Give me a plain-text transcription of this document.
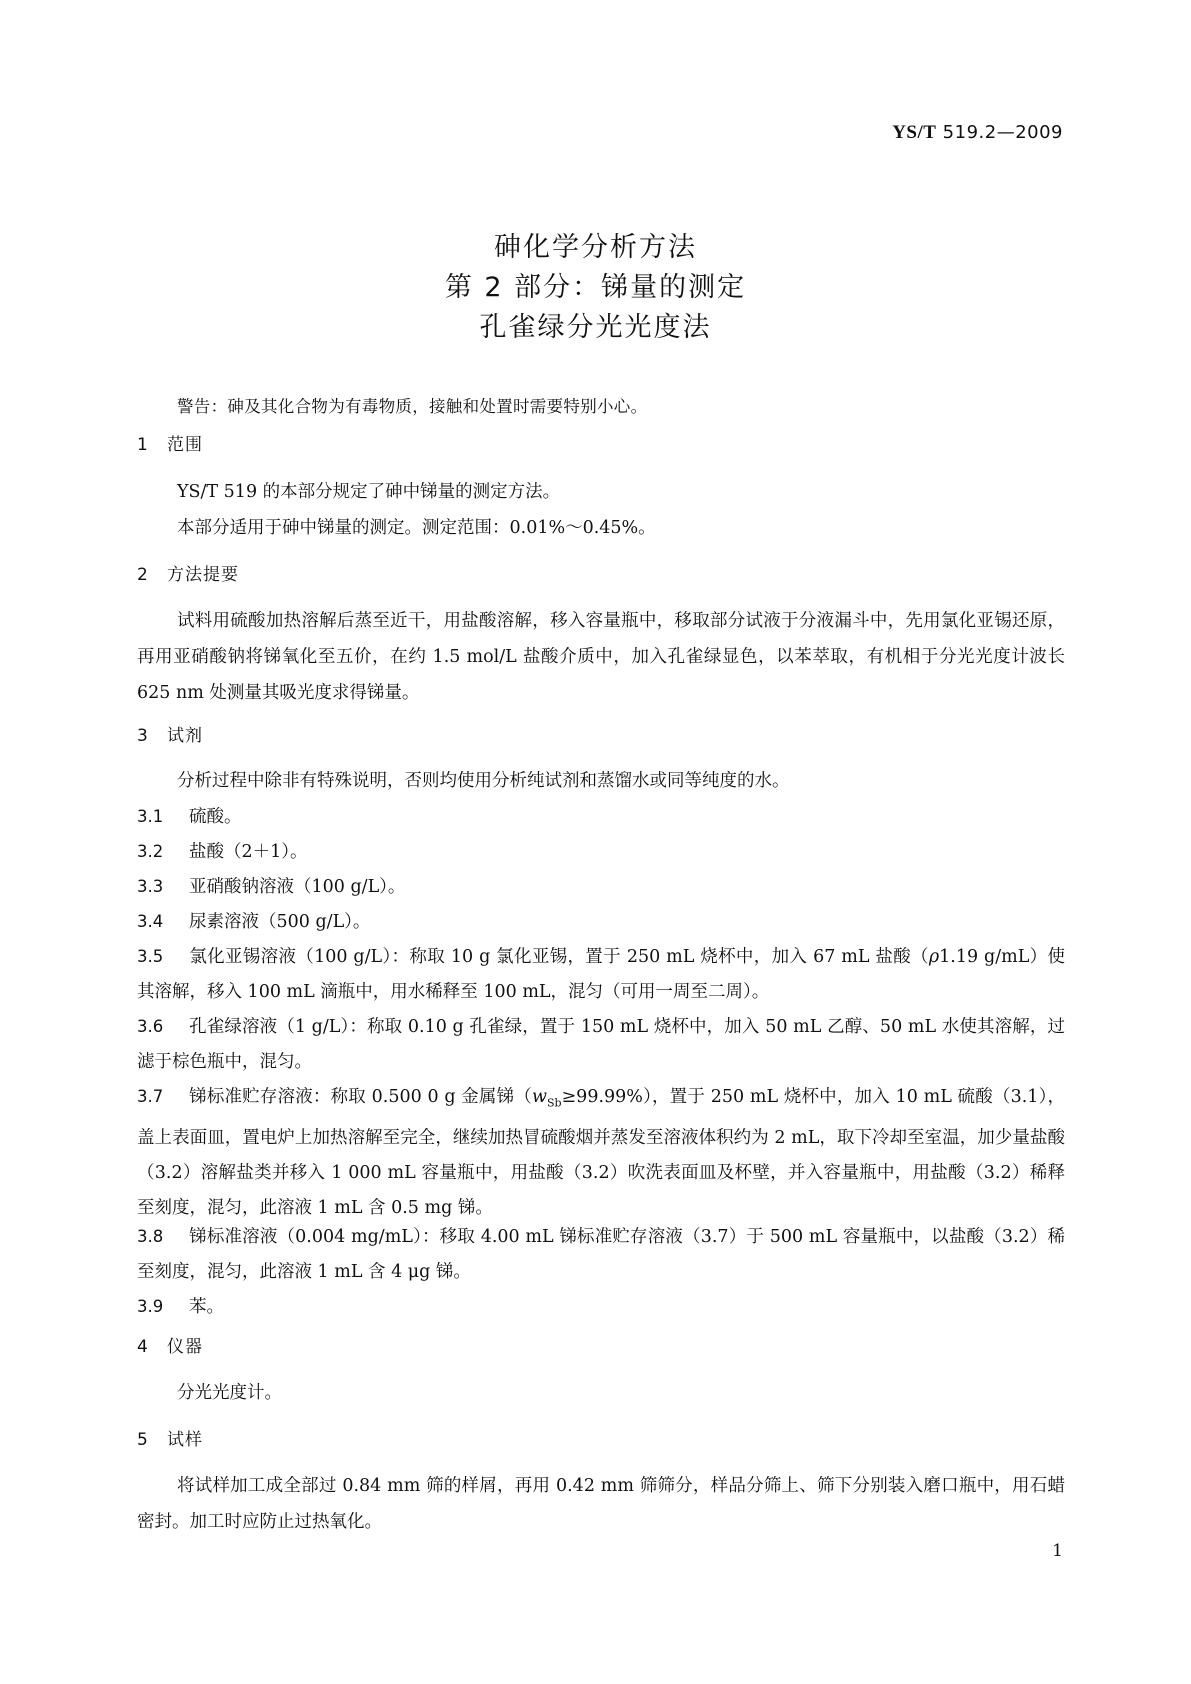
YS/T 519.2—2009
砷化学分析方法
第 2 部分：锑量的测定
孔雀绿分光光度法
警告：砷及其化合物为有毒物质，接触和处置时需要特别小心。
1 范围
YS/T 519 的本部分规定了砷中锑量的测定方法。
本部分适用于砷中锑量的测定。测定范围：0.01%～0.45%。
2 方法提要
试料用硫酸加热溶解后蒸至近干，用盐酸溶解，移入容量瓶中，移取部分试液于分液漏斗中，先用氯化亚锡还原，再用亚硝酸钠将锑氧化至五价，在约 1.5 mol/L 盐酸介质中，加入孔雀绿显色，以苯萃取，有机相于分光光度计波长 625 nm 处测量其吸光度求得锑量。
3 试剂
分析过程中除非有特殊说明，否则均使用分析纯试剂和蒸馏水或同等纯度的水。
3.1 硫酸。
3.2 盐酸（2＋1）。
3.3 亚硝酸钠溶液（100 g/L）。
3.4 尿素溶液（500 g/L）。
3.5 氯化亚锡溶液（100 g/L）：称取 10 g 氯化亚锡，置于 250 mL 烧杯中，加入 67 mL 盐酸（ρ1.19 g/mL）使其溶解，移入 100 mL 滴瓶中，用水稀释至 100 mL，混匀（可用一周至二周）。
3.6 孔雀绿溶液（1 g/L）：称取 0.10 g 孔雀绿，置于 150 mL 烧杯中，加入 50 mL 乙醇、50 mL 水使其溶解，过滤于棕色瓶中，混匀。
3.7 锑标准贮存溶液：称取 0.500 0 g 金属锑$(w_{Sb}\ge 99.99\%)$，置于 250 mL 烧杯中，加入 10 mL 硫酸（3.1），盖上表面皿，置电炉上加热溶解至完全，继续加热冒硫酸烟并蒸发至溶液体积约为 2 mL，取下冷却至室温，加少量盐酸（3.2）溶解盐类并移入 1 000 mL 容量瓶中，用盐酸（3.2）吹洗表面皿及杯壁，并入容量瓶中，用盐酸（3.2）稀释至刻度，混匀，此溶液 1 mL 含 0.5 mg 锑。
3.8 锑标准溶液（0.004 mg/mL）：移取 4.00 mL 锑标准贮存溶液（3.7）于 500 mL 容量瓶中，以盐酸（3.2）稀至刻度，混匀，此溶液 1 mL 含 4 μg 锑。
3.9 苯。
4 仪器
分光光度计。
5 试样
将试样加工成全部过 0.84 mm 筛的样屑，再用 0.42 mm 筛筛分，样品分筛上、筛下分别装入磨口瓶中，用石蜡密封。加工时应防止过热氧化。
1
